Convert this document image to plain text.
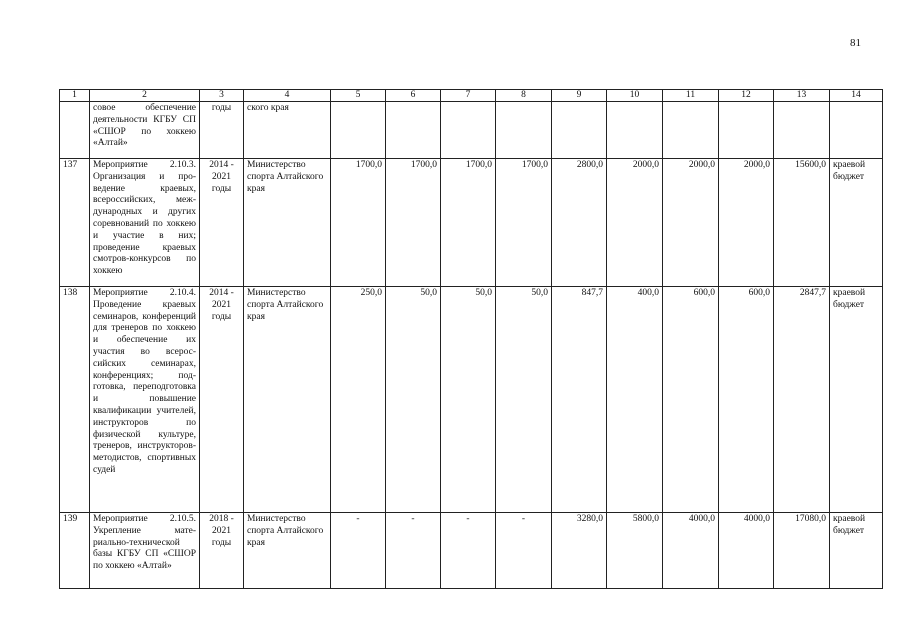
81
1	2	3	4	5	6	7	8	9	10	11	12	13	14
	совое обеспечение деятельности КГБУ СП «СШОР по хоккею «Алтай»	годы	ского края										
137	Мероприятие 2.10.3. Организация и проведение краевых, всероссийских, международных и других соревнований по хоккею и участие в них; проведение краевых смотров-конкурсов по хоккею	2014 - 2021 годы	Министерство спорта Алтайского края	1700,0	1700,0	1700,0	1700,0	2800,0	2000,0	2000,0	2000,0	15600,0	краевой бюджет
138	Мероприятие 2.10.4. Проведение краевых семинаров, конференций для тренеров по хоккею и обеспечение их участия во всероссийских семинарах, конференциях; подготовка, переподготовка и повышение квалификации учителей, инструкторов по физической культуре, тренеров, инструкторов-методистов, спортивных судей	2014 - 2021 годы	Министерство спорта Алтайского края	250,0	50,0	50,0	50,0	847,7	400,0	600,0	600,0	2847,7	краевой бюджет
139	Мероприятие 2.10.5. Укрепление материально-технической базы КГБУ СП «СШОР по хоккею «Алтай»	2018 - 2021 годы	Министерство спорта Алтайского края	-	-	-	-	3280,0	5800,0	4000,0	4000,0	17080,0	краевой бюджет
